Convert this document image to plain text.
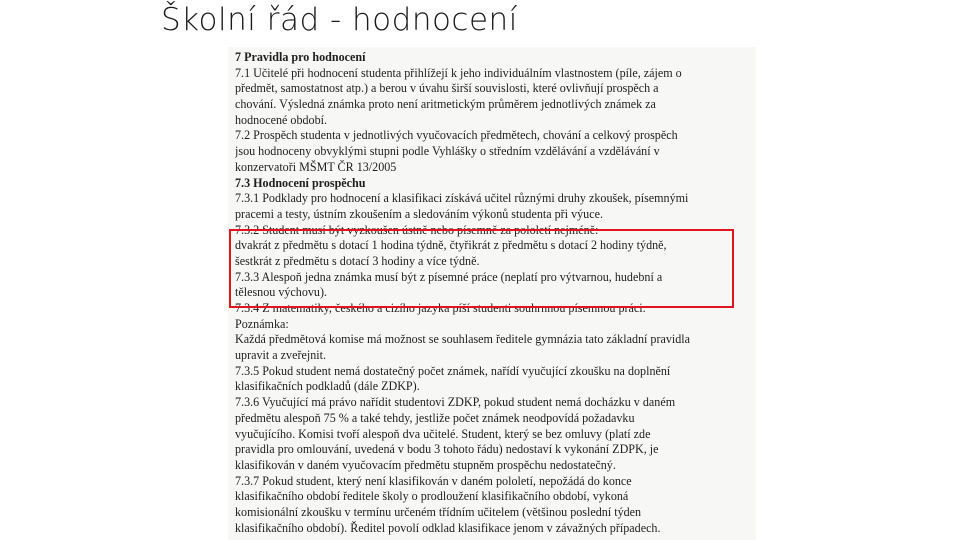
Školní řád - hodnocení
7 Pravidla pro hodnocení
7.1 Učitelé při hodnocení studenta přihlížejí k jeho individuálním vlastnostem (píle, zájem o
předmět, samostatnost atp.) a berou v úvahu širší souvislosti, které ovlivňují prospěch a
chování. Výsledná známka proto není aritmetickým průměrem jednotlivých známek za
hodnocené období.
7.2 Prospěch studenta v jednotlivých vyučovacích předmětech, chování a celkový prospěch
jsou hodnoceny obvyklými stupni podle Vyhlášky o středním vzdělávání a vzdělávání v
konzervatoři MŠMT ČR 13/2005
7.3 Hodnocení prospěchu
7.3.1 Podklady pro hodnocení a klasifikaci získává učitel různými druhy zkoušek, písemnými
pracemi a testy, ústním zkoušením a sledováním výkonů studenta při výuce.
7.3.2 Student musí být vyzkoušen ústně nebo písemně za pololetí nejméně:
dvakrát z předmětu s dotací 1 hodina týdně, čtyřikrát z předmětu s dotací 2 hodiny týdně,
šestkrát z předmětu s dotací 3 hodiny a více týdně.
7.3.3 Alespoň jedna známka musí být z písemné práce (neplatí pro výtvarnou, hudební a
tělesnou výchovu).
7.3.4 Z matematiky, českého a cizího jazyka píší studenti souhrnnou písemnou práci.
Poznámka:
Každá předmětová komise má možnost se souhlasem ředitele gymnázia tato základní pravidla
upravit a zveřejnit.
7.3.5 Pokud student nemá dostatečný počet známek, nařídí vyučující zkoušku na doplnění
klasifikačních podkladů (dále ZDKP).
7.3.6 Vyučující má právo nařídit studentovi ZDKP, pokud student nemá docházku v daném
předmětu alespoň 75 % a také tehdy, jestliže počet známek neodpovídá požadavku
vyučujícího. Komisi tvoří alespoň dva učitelé. Student, který se bez omluvy (platí zde
pravidla pro omlouvání, uvedená v bodu 3 tohoto řádu) nedostaví k vykonání ZDPK, je
klasifikován v daném vyučovacím předmětu stupněm prospěchu nedostatečný.
7.3.7 Pokud student, který není klasifikován v daném pololetí, nepožádá do konce
klasifikačního období ředitele školy o prodloužení klasifikačního období, vykoná
komisionální zkoušku v termínu určeném třídním učitelem (většinou poslední týden
klasifikačního období). Ředitel povolí odklad klasifikace jenom v závažných případech.
